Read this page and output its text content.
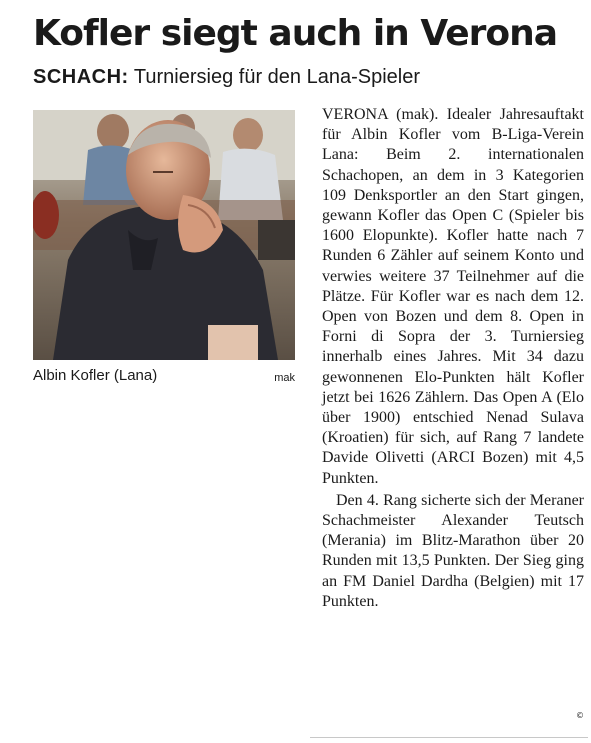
Kofler siegt auch in Verona
SCHACH: Turniersieg für den Lana-Spieler
Albin Kofler (Lana)	mak

VERONA (mak). Idealer Jahresauftakt für Albin Kofler vom B-Liga-Verein Lana: Beim 2. internationalen Schachopen, an dem in 3 Kategorien 109 Denksportler an den Start gingen, gewann Kofler das Open C (Spieler bis 1600 Elopunkte). Kofler hatte nach 7 Runden 6 Zähler auf seinem Konto und verwies weitere 37 Teilnehmer auf die Plätze. Für Kofler war es nach dem 12. Open von Bozen und dem 8. Open in Forni di Sopra der 3. Turniersieg innerhalb eines Jahres. Mit 34 dazu gewonnenen Elo-Punkten hält Kofler jetzt bei 1626 Zählern. Das Open A (Elo über 1900) entschied Nenad Sulava (Kroatien) für sich, auf Rang 7 landete Davide Olivetti (ARCI Bozen) mit 4,5 Punkten.

Den 4. Rang sicherte sich der Meraner Schachmeister Alexander Teutsch (Merania) im Blitz-Marathon über 20 Runden mit 13,5 Punkten. Der Sieg ging an FM Daniel Dardha (Belgien) mit 17 Punkten.

©
